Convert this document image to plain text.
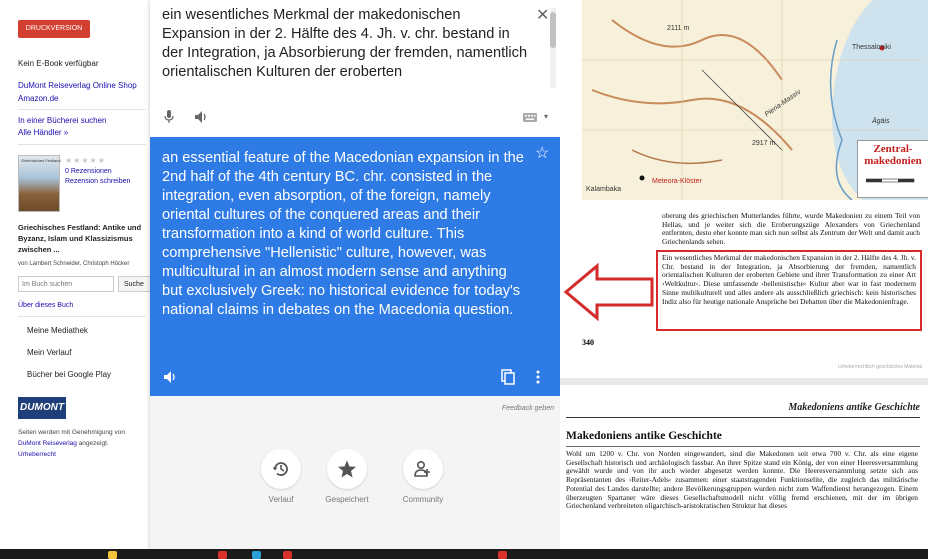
DRUCKVERSION
Kein E-Book verfügbar
DuMont Reiseverlag Online Shop
Amazon.de
In einer Bücherei suchen
Alle Händler »
Griechisches Festland ★★★★★
0 Rezensionen
Rezension schreiben
Griechisches Festland: Antike und Byzanz, Islam und Klassizismus zwischen ...
von Lambert Schneider, Christoph Höcker
Im Buch suchen	Suche
Über dieses Buch
Meine Mediathek
Mein Verlauf
Bücher bei Google Play
DUMONT
Seiten werden mit Genehmigung von DuMont Reiseverlag angezeigt. Urheberrecht
ein wesentliches Merkmal der makedonischen Expansion in der 2. Hälfte des 4. Jh. v. chr. bestand in der Integration, ja Absorbierung der fremden, namentlich orientalischen Kulturen der eroberten
✕
▾
an essential feature of the Macedonian expansion in the 2nd half of the 4th century BC. chr. consisted in the integration, even absorption, of the foreign, namely oriental cultures of the conquered areas and their transformation into a kind of world culture. This comprehensive "Hellenistic" culture, however, was multicultural in an almost modern sense and anything but exclusively Greek: no historical evidence for today's national claims in debates on the Macedonia question.
☆
Feedback geben
Verlauf	Gespeichert	Community
Thessaloniki
Pieria-Massiv
Ägäis
Kalambaka
Meteora-Klöster
2111 m
2917 m	Zentral-makedonien
oberung des griechischen Mutterlandes führte, wurde Makedonien zu einem Teil von Hellas, und je weiter sich die Eroberungszüge Alexanders von Griechenland entfernten, desto eher konnte man sich nun selbst als Zentrum der Welt und damit auch Griechenlands sehen.
Ein wesentliches Merkmal der makedonischen Expansion in der 2. Hälfte des 4. Jh. v. Chr. bestand in der Integration, ja Absorbierung der fremden, namentlich orientalischen Kulturen der eroberten Gebiete und ihrer Transformation zu einer Art ›Weltkultur‹. Diese umfassende ›hellenistische‹ Kultur aber war in fast modernem Sinne multikulturell und alles andere als ausschließlich griechisch: kein historisches Indiz also für heutige nationale Ansprüche bei Debatten über die Makedonienfrage.
340
Urheberrechtlich geschütztes Material
Makedoniens antike Geschichte
Makedoniens antike Geschichte
Wohl um 1200 v. Chr. von Norden eingewandert, sind die Makedonen seit etwa 700 v. Chr. als eine eigene Gesellschaft historisch und archäologisch fassbar. An ihrer Spitze stand ein König, der von einer Heeresversammlung gewählt wurde und von ihr auch wieder abgesetzt werden konnte. Die Heeresversammlung setzte sich aus Repräsentanten des ›Reiter-Adels‹ zusammen: einer staatstragenden Funktionselite, die zugleich das militärische Potential des Landes darstellte; andere Bevölkerungsgruppen wurden nicht zum Waffendienst herangezogen. Einem überzeugten Spartaner wäre dieses Gesellschaftsmodell nicht völlig fremd erschienen, mit der im übrigen Griechenland verbreiteten oligarchisch-aristokratischen Struktur hat dieses
